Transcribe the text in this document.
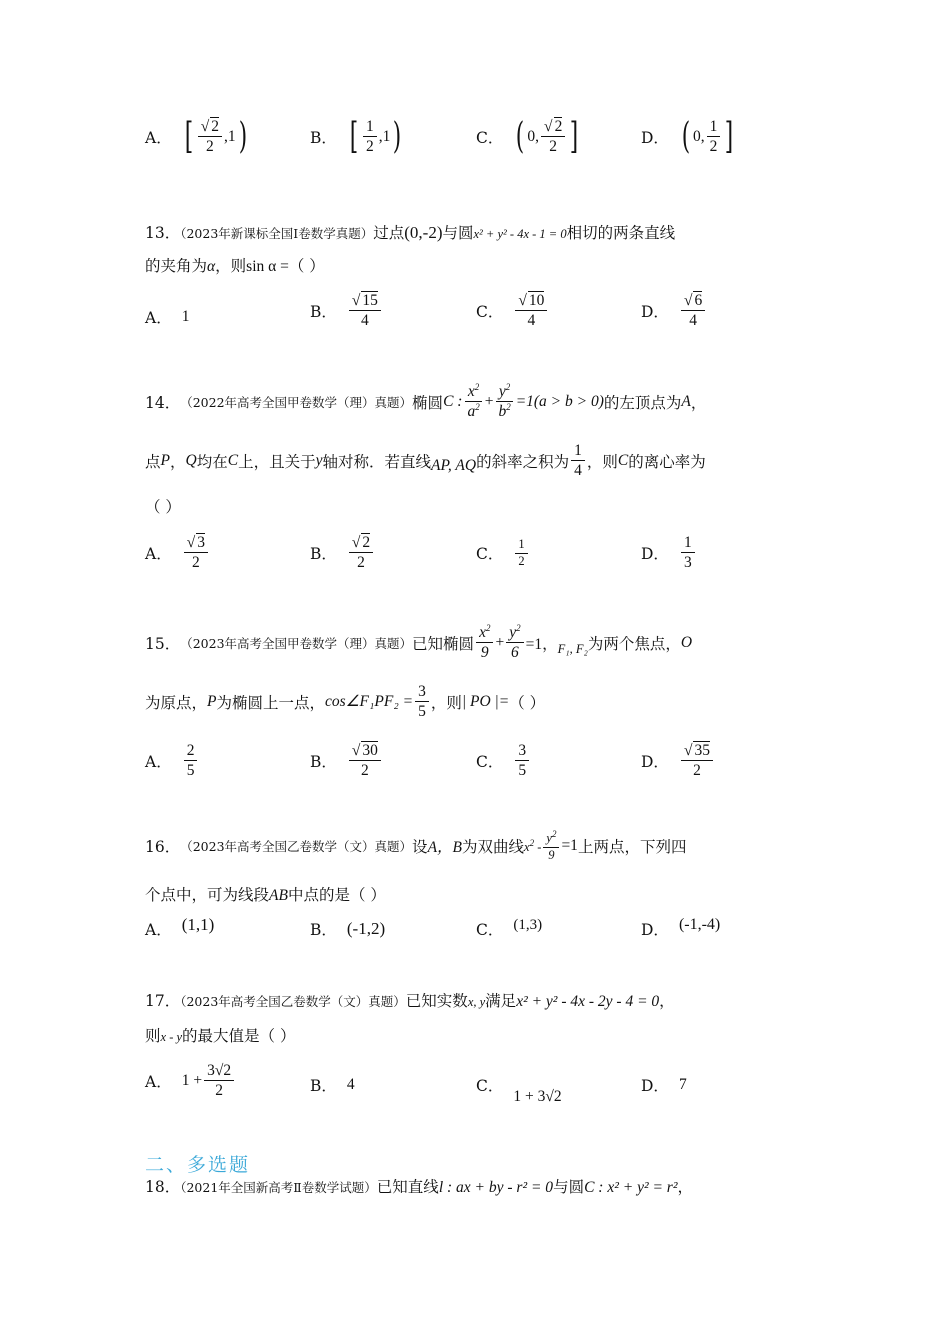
A． [ $\frac{√ 2}{2} ,1$ )	B． [ $\frac{1}{2} ,1$ )	C． ( 0, $\frac{√ 2}{2}$ ]	D． ( 0, $\frac{1}{2}$ ]
13．（2023年新课标全国Ⅰ卷数学真题）过点(0,-2)与圆x² + y² - 4x - 1 = 0相切的两条直线
的夹角为α，则sin α =（ ）
A． 1	B． $\frac{√ 15}{4}$	C． $\frac{√ 10}{4}$	D． $\frac{√ 6}{4}$
14． （2022年高考全国甲卷数学（理）真题） 椭圆 C : $\frac{x^2}{a^2} + \frac{y^2}{b^2} =1(a > b > 0)$ 的左顶点为 A ，
点 P ， Q 均在 C 上，且关于 y 轴对称．若直线 AP, AQ 的斜率之积为 $\frac{1}{4}$ ，则 C 的离心率为
（ ）
A． $\frac{√ 3}{2}$	B． $\frac{√ 2}{2}$	C． $\frac{1}{2}$	D． $\frac{1}{3}$
15． （2023年高考全国甲卷数学（理）真题） 已知椭圆 $\frac{x^2}{9} + \frac{y^2}{6} =1$， F₁, F₂ 为两个焦点， O
为原点， P 为椭圆上一点， cos∠F₁PF₂ = $\frac{3}{5}$ ，则 | PO |= （ ）
A． $\frac{2}{5}$	B． $\frac{√ 30}{2}$	C． $\frac{3}{5}$	D． $\frac{√ 35}{2}$
16． （2023年高考全国乙卷数学（文）真题） 设 A，B 为双曲线 $x^2 - \frac{y^2}{9} =1$ 上两点，下列四
个点中，可为线段AB中点的是（ ）
A． (1,1)	B． (-1,2)	C． (1,3)	D． (-1,-4)
17．（2023年高考全国乙卷数学（文）真题）已知实数x, y满足x² + y² - 4x - 2y - 4 = 0，
则x - y的最大值是（ ）
A． $1 + \frac{3√2}{2}$	B． 4	C．
1 + 3√2
D． 7
二、多选题
18．（2021年全国新高考Ⅱ卷数学试题）已知直线l : ax + by - r² = 0与圆C : x² + y² = r²，
